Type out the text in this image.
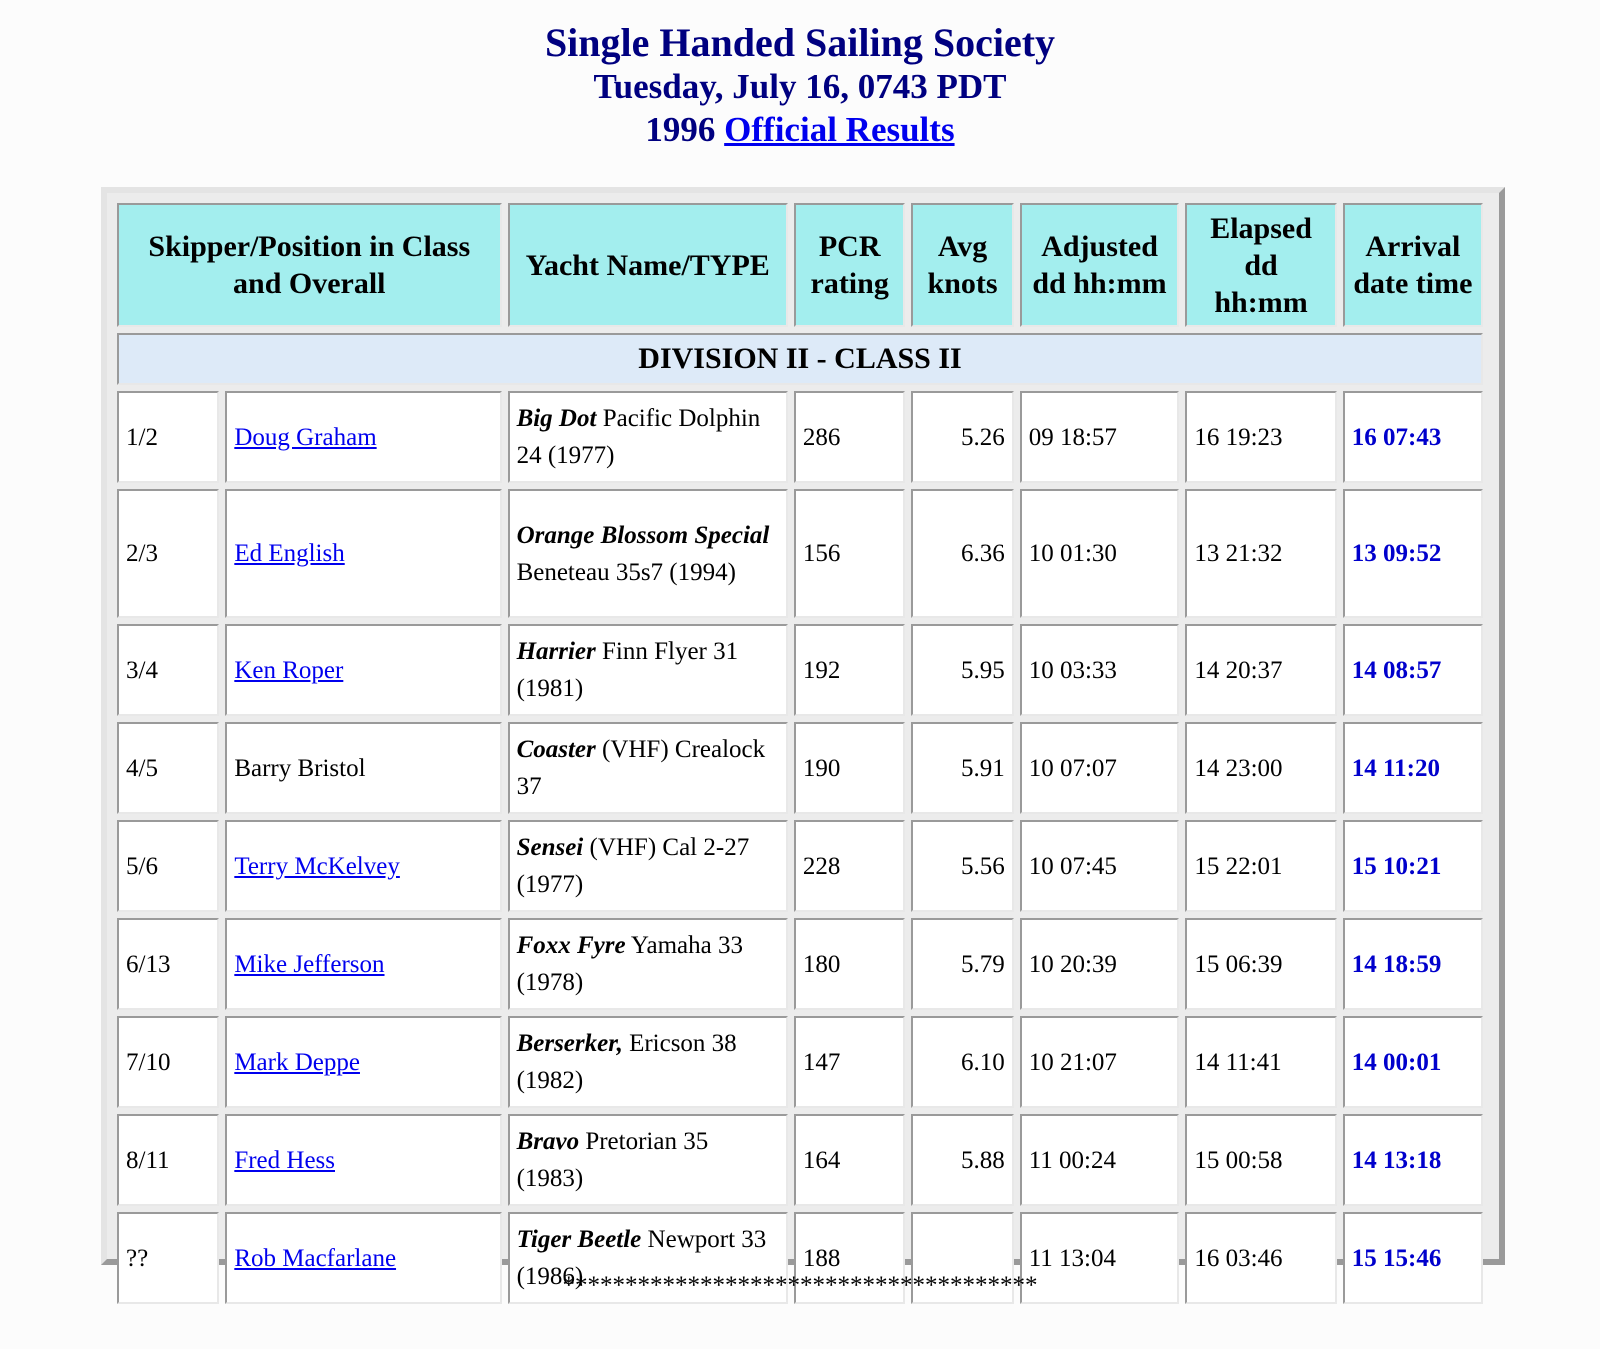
Single Handed Sailing Society
Tuesday, July 16, 0743 PDT
1996 Official Results
Skipper/Position in Class and Overall		Yacht Name/TYPE	PCR rating	Avg knots	Adjusted dd hh:mm	Elapsed dd hh:mm	Arrival date time
DIVISION II - CLASS II							
1/2	Doug Graham	Big Dot Pacific Dolphin 24 (1977)	286	5.26	09 18:57	16 19:23	16 07:43
2/3	Ed English	Orange Blossom Special Beneteau 35s7 (1994)	156	6.36	10 01:30	13 21:32	13 09:52
3/4	Ken Roper	Harrier Finn Flyer 31 (1981)	192	5.95	10 03:33	14 20:37	14 08:57
4/5	Barry Bristol	Coaster (VHF) Crealock 37	190	5.91	10 07:07	14 23:00	14 11:20
5/6	Terry McKelvey	Sensei (VHF) Cal 2-27 (1977)	228	5.56	10 07:45	15 22:01	15 10:21
6/13	Mike Jefferson	Foxx Fyre Yamaha 33 (1978)	180	5.79	10 20:39	15 06:39	14 18:59
7/10	Mark Deppe	Berserker, Ericson 38 (1982)	147	6.10	10 21:07	14 11:41	14 00:01
8/11	Fred Hess	Bravo Pretorian 35 (1983)	164	5.88	11 00:24	15 00:58	14 13:18
??	Rob Macfarlane	Tiger Beetle Newport 33 (1986)	188		11 13:04	16 03:46	15 15:46
**************************************
